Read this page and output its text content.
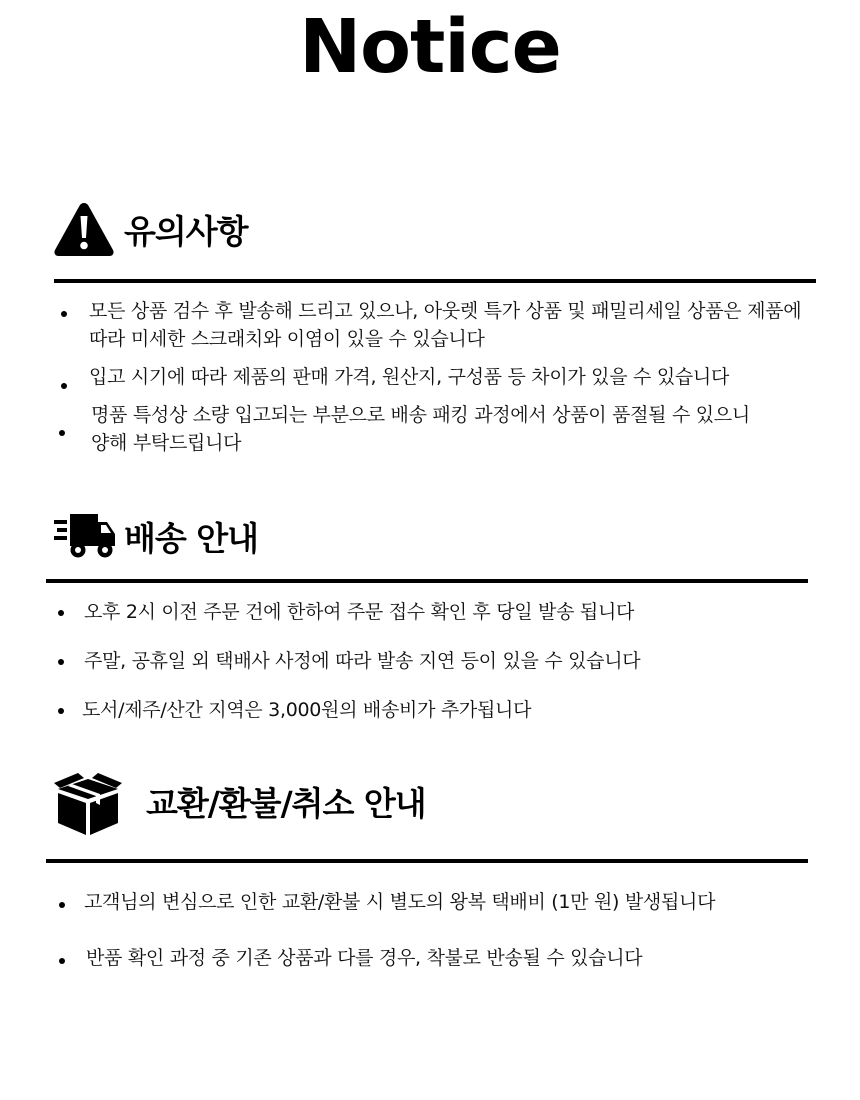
Notice
유의사항
모든 상품 검수 후 발송해 드리고 있으나, 아웃렛 특가 상품 및 패밀리세일 상품은 제품에
따라 미세한 스크래치와 이염이 있을 수 있습니다
입고 시기에 따라 제품의 판매 가격, 원산지, 구성품 등 차이가 있을 수 있습니다
명품 특성상 소량 입고되는 부분으로 배송 패킹 과정에서 상품이 품절될 수 있으니
양해 부탁드립니다
배송 안내
오후 2시 이전 주문 건에 한하여 주문 접수 확인 후 당일 발송 됩니다
주말, 공휴일 외 택배사 사정에 따라 발송 지연 등이 있을 수 있습니다
도서/제주/산간 지역은 3,000원의 배송비가 추가됩니다
교환/환불/취소 안내
고객님의 변심으로 인한 교환/환불 시 별도의 왕복 택배비 (1만 원) 발생됩니다
반품 확인 과정 중 기존 상품과 다를 경우, 착불로 반송될 수 있습니다
